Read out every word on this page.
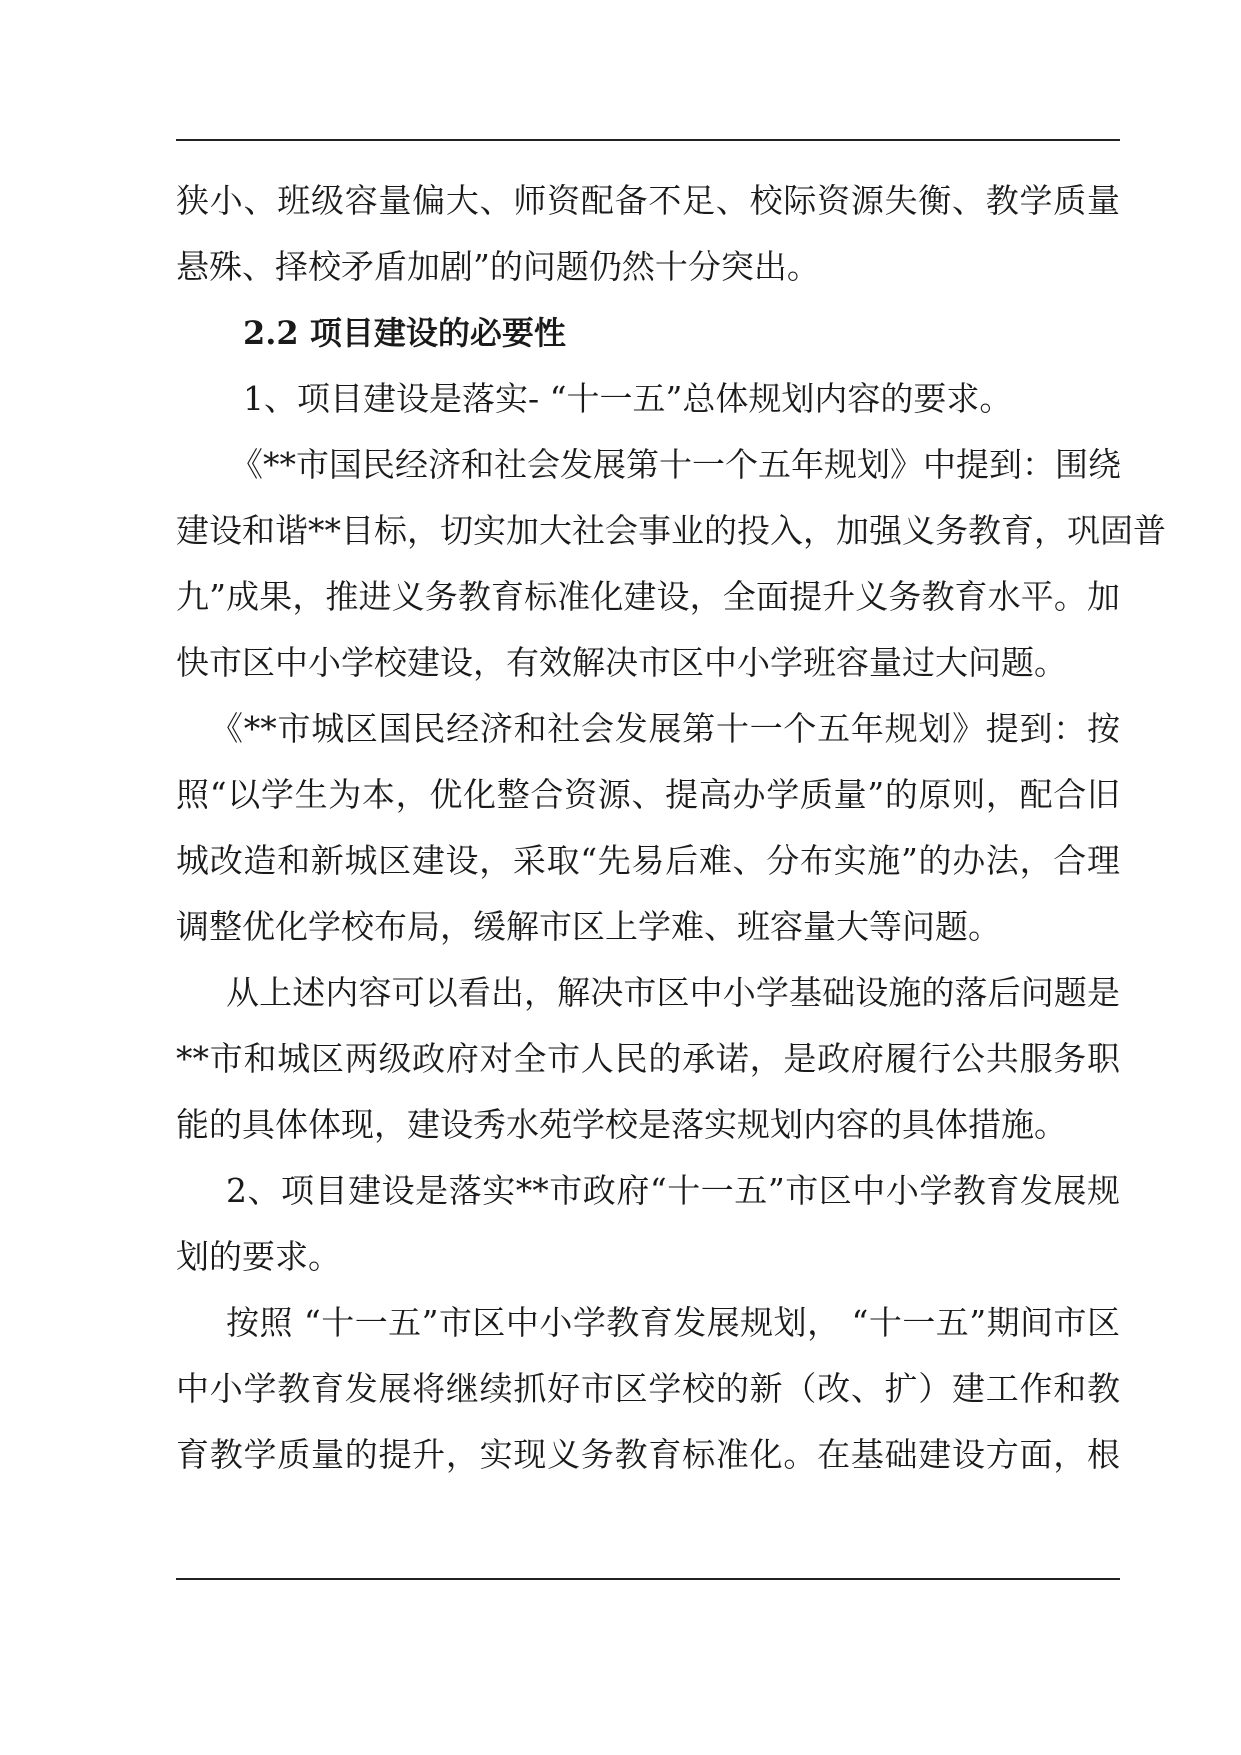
狭小、班级容量偏大、师资配备不足、校际资源失衡、教学质量
悬殊、择校矛盾加剧”的问题仍然十分突出。
2.2 项目建设的必要性
1、项目建设是落实- “十一五”总体规划内容的要求。
《**市国民经济和社会发展第十一个五年规划》中提到：围绕
建设和谐**目标，切实加大社会事业的投入，加强义务教育，巩固普
九”成果，推进义务教育标准化建设，全面提升义务教育水平。加
快市区中小学校建设，有效解决市区中小学班容量过大问题。
《**市城区国民经济和社会发展第十一个五年规划》提到：按
照“以学生为本，优化整合资源、提高办学质量”的原则，配合旧
城改造和新城区建设，采取“先易后难、分布实施”的办法，合理
调整优化学校布局，缓解市区上学难、班容量大等问题。
从上述内容可以看出，解决市区中小学基础设施的落后问题是
**市和城区两级政府对全市人民的承诺，是政府履行公共服务职
能的具体体现，建设秀水苑学校是落实规划内容的具体措施。
2、项目建设是落实**市政府“十一五”市区中小学教育发展规
划的要求。
按照 “十一五”市区中小学教育发展规划， “十一五”期间市区
中小学教育发展将继续抓好市区学校的新（改、扩）建工作和教
育教学质量的提升，实现义务教育标准化。在基础建设方面，根
